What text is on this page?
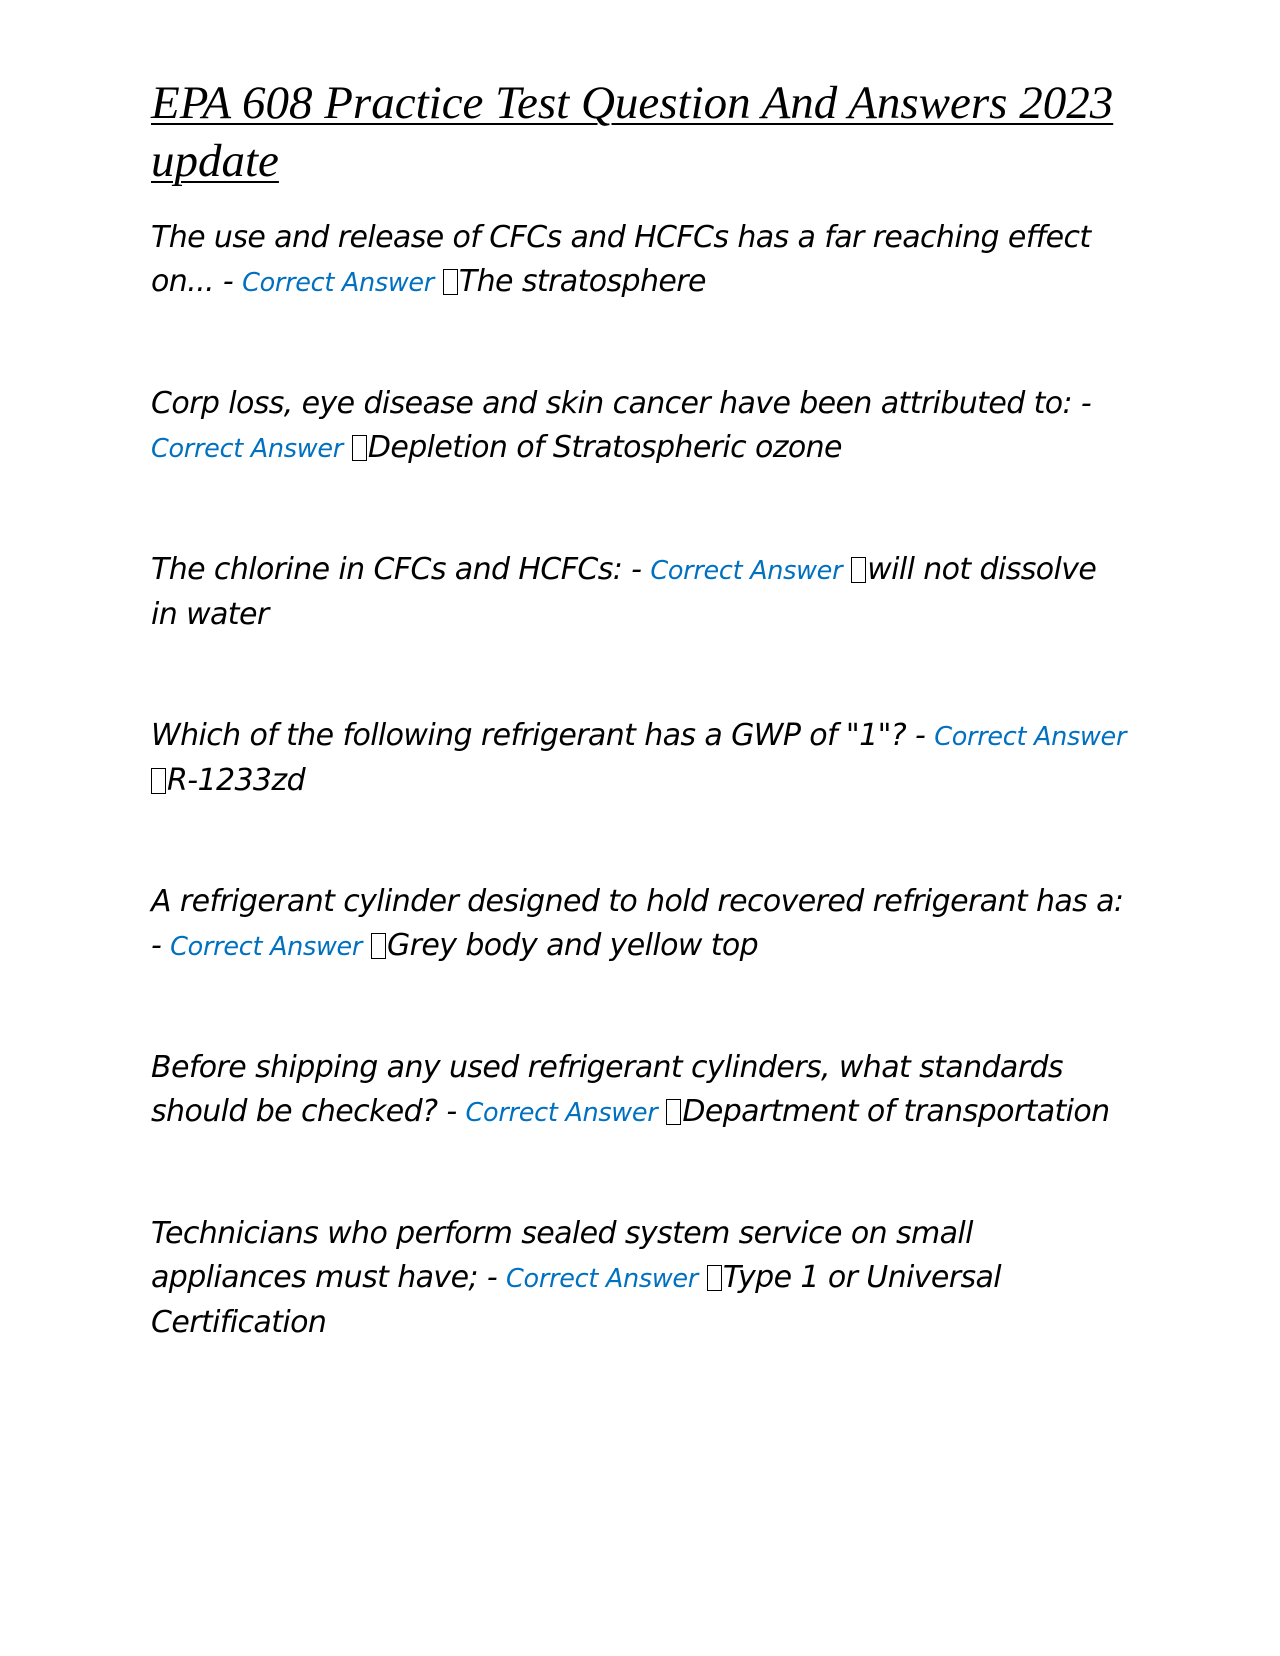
EPA 608 Practice Test Question And Answers 2023 update
The use and release of CFCs and HCFCs has a far reaching effect on... - Correct Answer The stratosphere
Corp loss, eye disease and skin cancer have been attributed to: - Correct Answer Depletion of Stratospheric ozone
The chlorine in CFCs and HCFCs: - Correct Answer will not dissolve in water
Which of the following refrigerant has a GWP of "1"? - Correct Answer R-1233zd
A refrigerant cylinder designed to hold recovered refrigerant has a: - Correct Answer Grey body and yellow top
Before shipping any used refrigerant cylinders, what standards should be checked? - Correct Answer Department of transportation
Technicians who perform sealed system service on small appliances must have; - Correct Answer Type 1 or Universal Certification
